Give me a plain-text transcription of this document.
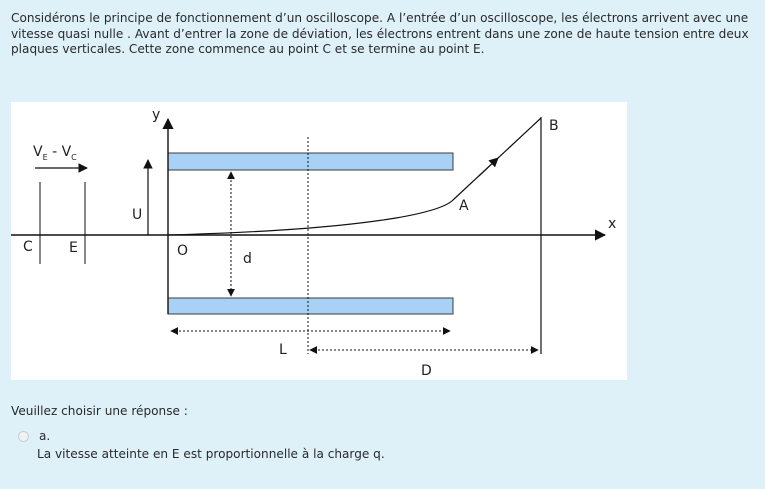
Considérons le principe de fonctionnement d’un oscilloscope. A l’entrée d’un oscilloscope, les électrons arrivent avec une vitesse quasi nulle . Avant d’entrer la zone de déviation, les électrons entrent dans une zone de haute tension entre deux plaques verticales. Cette zone commence au point C et se termine au point E.
y
x
$V_E - V_C$
U
C	E	O	d
A
B
L
D
Veuillez choisir une réponse :
a.
La vitesse atteinte en E est proportionnelle à la charge q.
